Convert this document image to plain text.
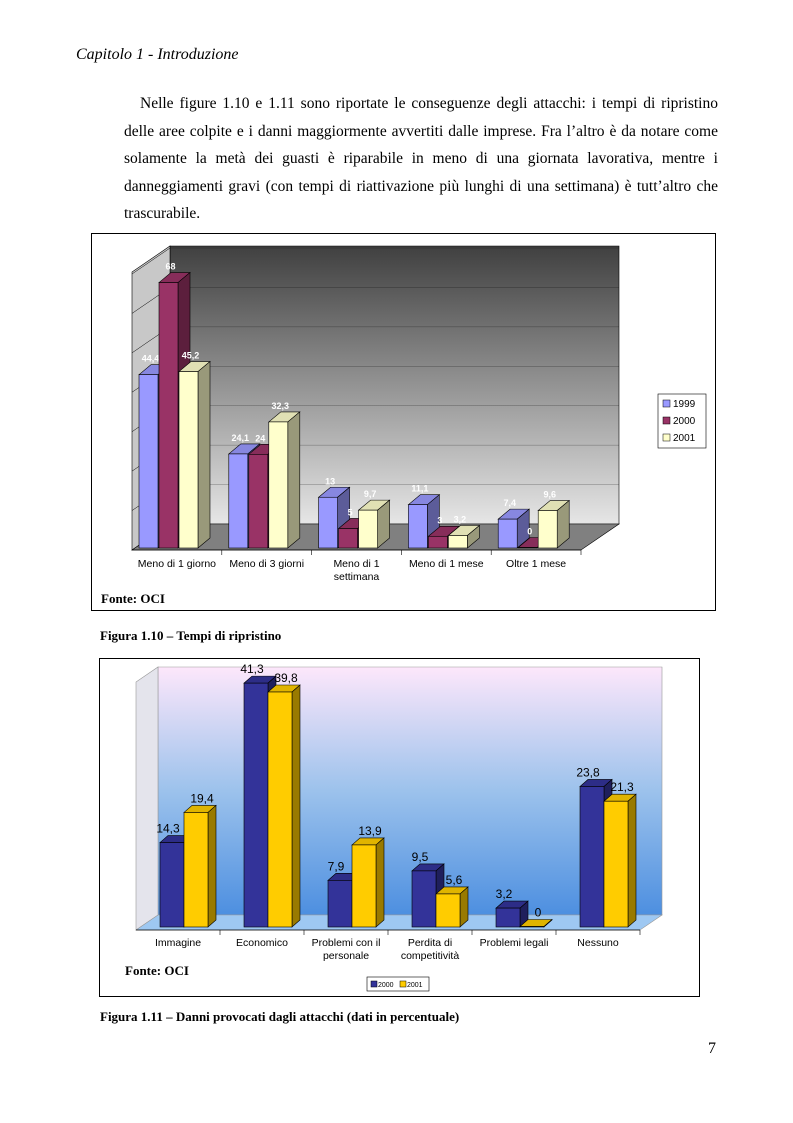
Capitolo 1 - Introduzione

Nelle figure 1.10 e 1.11 sono riportate le conseguenze degli attacchi: i tempi di ripristino delle aree colpite e i danni maggiormente avvertiti dalle imprese. Fra l’altro è da notare come solamente la metà dei guasti è riparabile in meno di una giornata lavorativa, mentre i danneggiamenti gravi (con tempi di riattivazione più lunghi di una settimana) è tutt’altro che trascurabile.

44,4
68
45,2
Meno di 1 giorno
24,1 24
32,3
Meno di 3 giorni
13
5
9,7
Meno di 1
settimana
11,1
3 3,2
Meno di 1 mese
7,4
0
9,6
Oltre 1 mese
1999
2000
2001
Fonte: OCI
Figura 1.10 – Tempi di ripristino
14,3
19,4
Immagine
41,3
39,8
Economico
7,9
13,9
Problemi con il
personale
9,5
5,6
Perdita di
competitività
3,2
0
Problemi legali
23,8
21,3
Nessuno
2000 2001
Fonte: OCI
Figura 1.11 – Danni provocati dagli attacchi (dati in percentuale)
7
